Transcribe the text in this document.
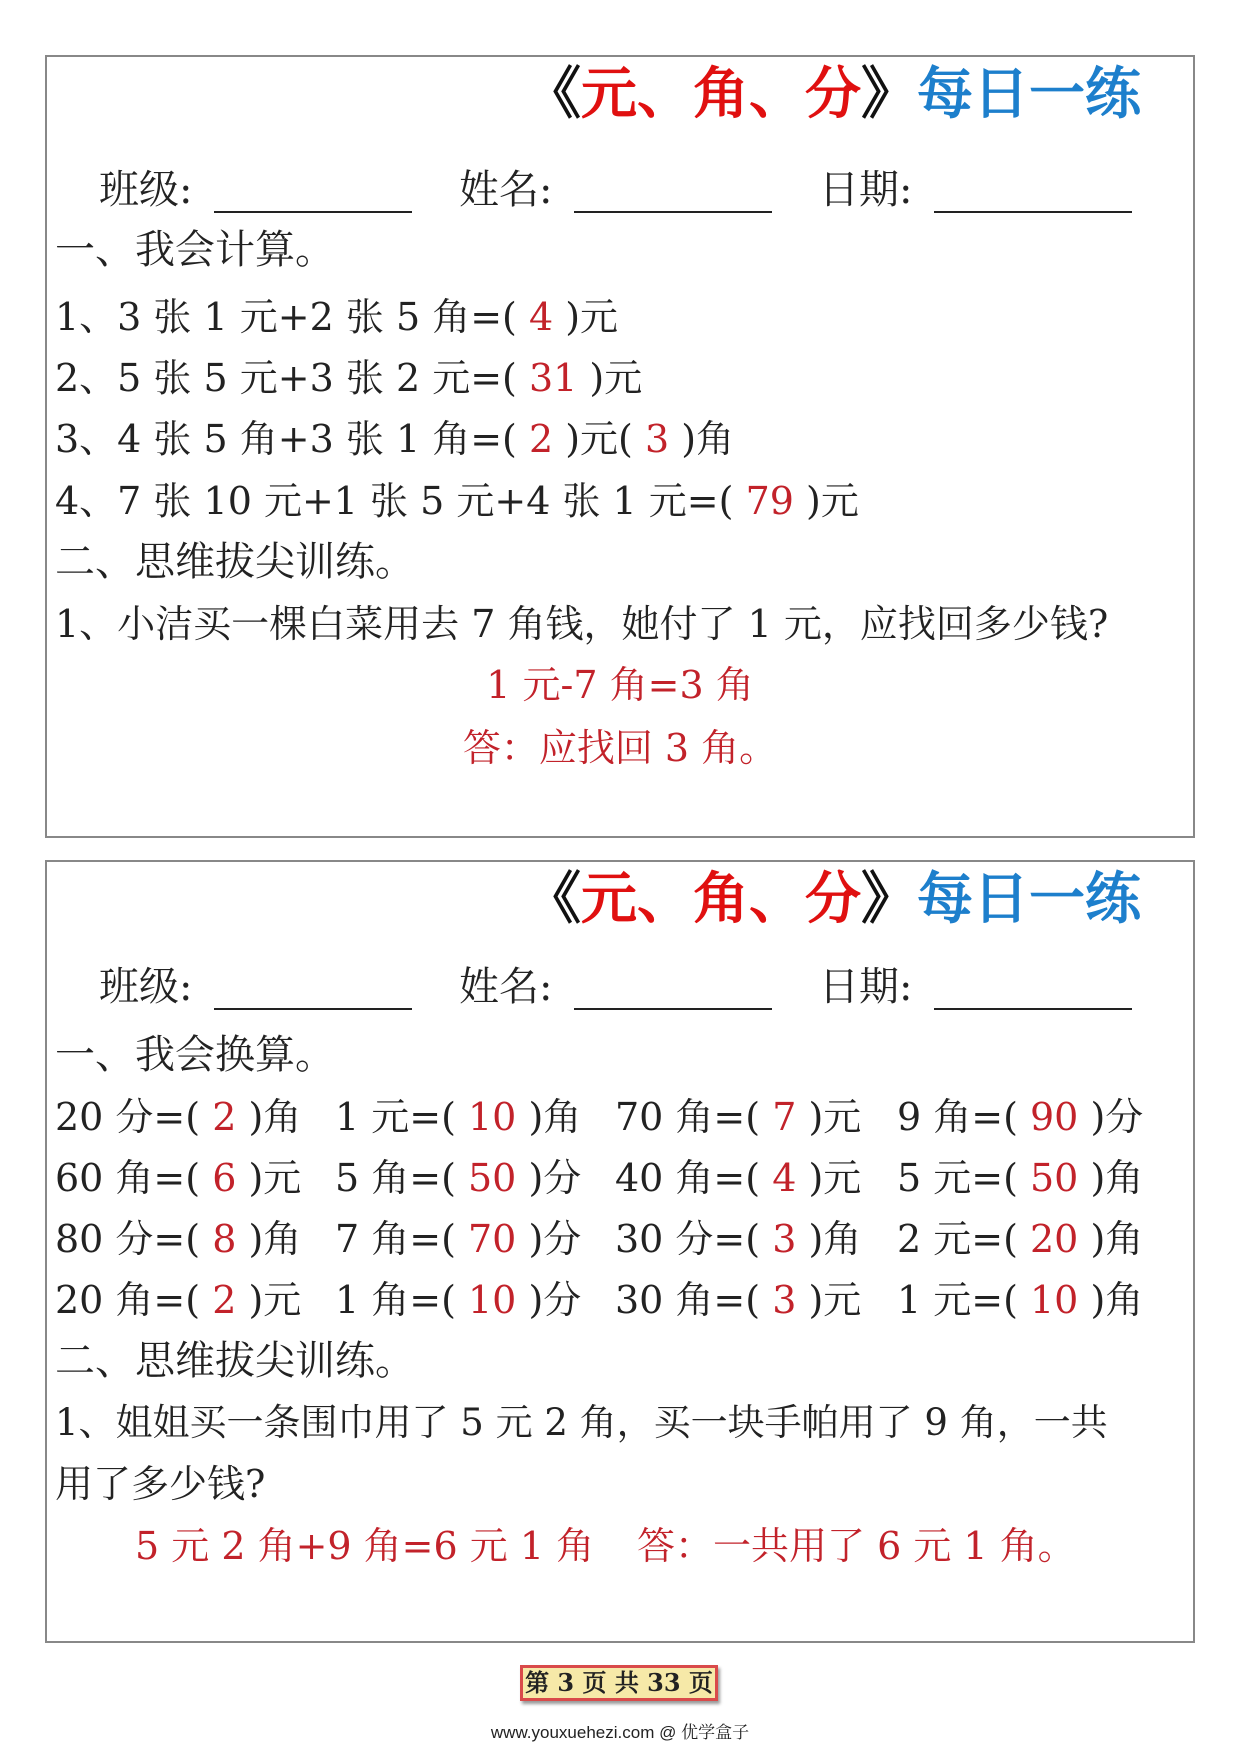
《元、角、分》每日一练
班级:	姓名:	日期:
一、我会计算。
1、3 张 1 元+2 张 5 角=( 4 )元
2、5 张 5 元+3 张 2 元=( 31 )元
3、4 张 5 角+3 张 1 角=( 2 )元( 3 )角
4、7 张 10 元+1 张 5 元+4 张 1 元=( 79 )元
二、思维拔尖训练。
1、小洁买一棵白菜用去 7 角钱，她付了 1 元，应找回多少钱?
1 元-7 角=3 角
答：应找回 3 角。
《元、角、分》每日一练
班级:	姓名:	日期:
一、我会换算。
20 分=( 2 )角 1 元=( 10 )角 70 角=( 7 )元 9 角=( 90 )分
60 角=( 6 )元 5 角=( 50 )分 40 角=( 4 )元 5 元=( 50 )角
80 分=( 8 )角 7 角=( 70 )分 30 分=( 3 )角 2 元=( 20 )角
20 角=( 2 )元 1 角=( 10 )分 30 角=( 3 )元 1 元=( 10 )角
二、思维拔尖训练。
1、姐姐买一条围巾用了 5 元 2 角，买一块手帕用了 9 角，一共
用了多少钱?
5 元 2 角+9 角=6 元 1 角 答：一共用了 6 元 1 角。
第 3 页 共 33 页
www.youxuehezi.com @ 优学盒子
